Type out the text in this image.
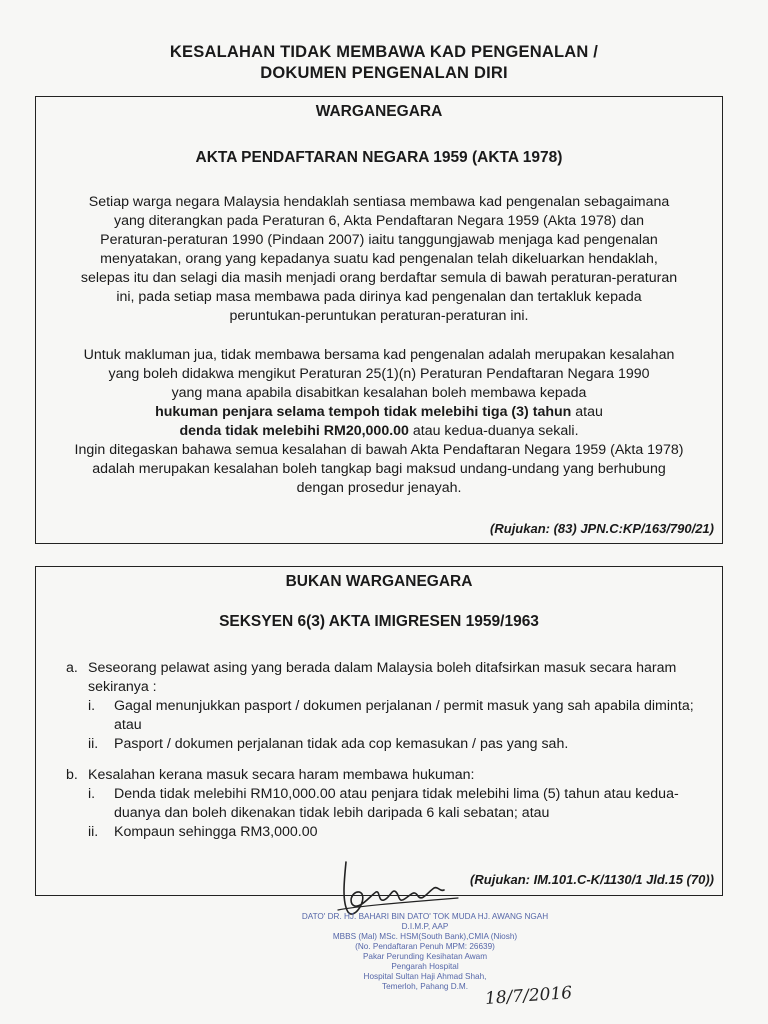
KESALAHAN TIDAK MEMBAWA KAD PENGENALAN /
DOKUMEN PENGENALAN DIRI
WARGANEGARA
AKTA PENDAFTARAN NEGARA 1959 (AKTA 1978)
Setiap warga negara Malaysia hendaklah sentiasa membawa kad pengenalan sebagaimana
yang diterangkan pada Peraturan 6, Akta Pendaftaran Negara 1959 (Akta 1978) dan
Peraturan-peraturan 1990 (Pindaan 2007) iaitu tanggungjawab menjaga kad pengenalan
menyatakan, orang yang kepadanya suatu kad pengenalan telah dikeluarkan hendaklah,
selepas itu dan selagi dia masih menjadi orang berdaftar semula di bawah peraturan-peraturan
ini, pada setiap masa membawa pada dirinya kad pengenalan dan tertakluk kepada
peruntukan-peruntukan peraturan-peraturan ini.
Untuk makluman jua, tidak membawa bersama kad pengenalan adalah merupakan kesalahan
yang boleh didakwa mengikut Peraturan 25(1)(n) Peraturan Pendaftaran Negara 1990
yang mana apabila disabitkan kesalahan boleh membawa kepada
hukuman penjara selama tempoh tidak melebihi tiga (3) tahun atau
denda tidak melebihi RM20,000.00 atau kedua-duanya sekali.
Ingin ditegaskan bahawa semua kesalahan di bawah Akta Pendaftaran Negara 1959 (Akta 1978)
adalah merupakan kesalahan boleh tangkap bagi maksud undang-undang yang berhubung
dengan prosedur jenayah.
(Rujukan: (83) JPN.C:KP/163/790/21)
BUKAN WARGANEGARA
SEKSYEN 6(3) AKTA IMIGRESEN 1959/1963
a. Seseorang pelawat asing yang berada dalam Malaysia boleh ditafsirkan masuk secara haram sekiranya :
i. Gagal menunjukkan pasport / dokumen perjalanan / permit masuk yang sah apabila diminta; atau
ii. Pasport / dokumen perjalanan tidak ada cop kemasukan / pas yang sah.
b. Kesalahan kerana masuk secara haram membawa hukuman:
i. Denda tidak melebihi RM10,000.00 atau penjara tidak melebihi lima (5) tahun atau kedua-duanya dan boleh dikenakan tidak lebih daripada 6 kali sebatan; atau
ii. Kompaun sehingga RM3,000.00
(Rujukan: IM.101.C-K/1130/1 Jld.15 (70))
DATO' DR. HJ. BAHARI BIN DATO' TOK MUDA HJ. AWANG NGAH
D.I.M.P, AAP
MBBS (Mal) MSc. HSM(South Bank),CMIA (Niosh)
(No. Pendaftaran Penuh MPM: 26639)
Pakar Perunding Kesihatan Awam
Pengarah Hospital
Hospital Sultan Haji Ahmad Shah,
Temerloh, Pahang D.M. 18/7/2016
